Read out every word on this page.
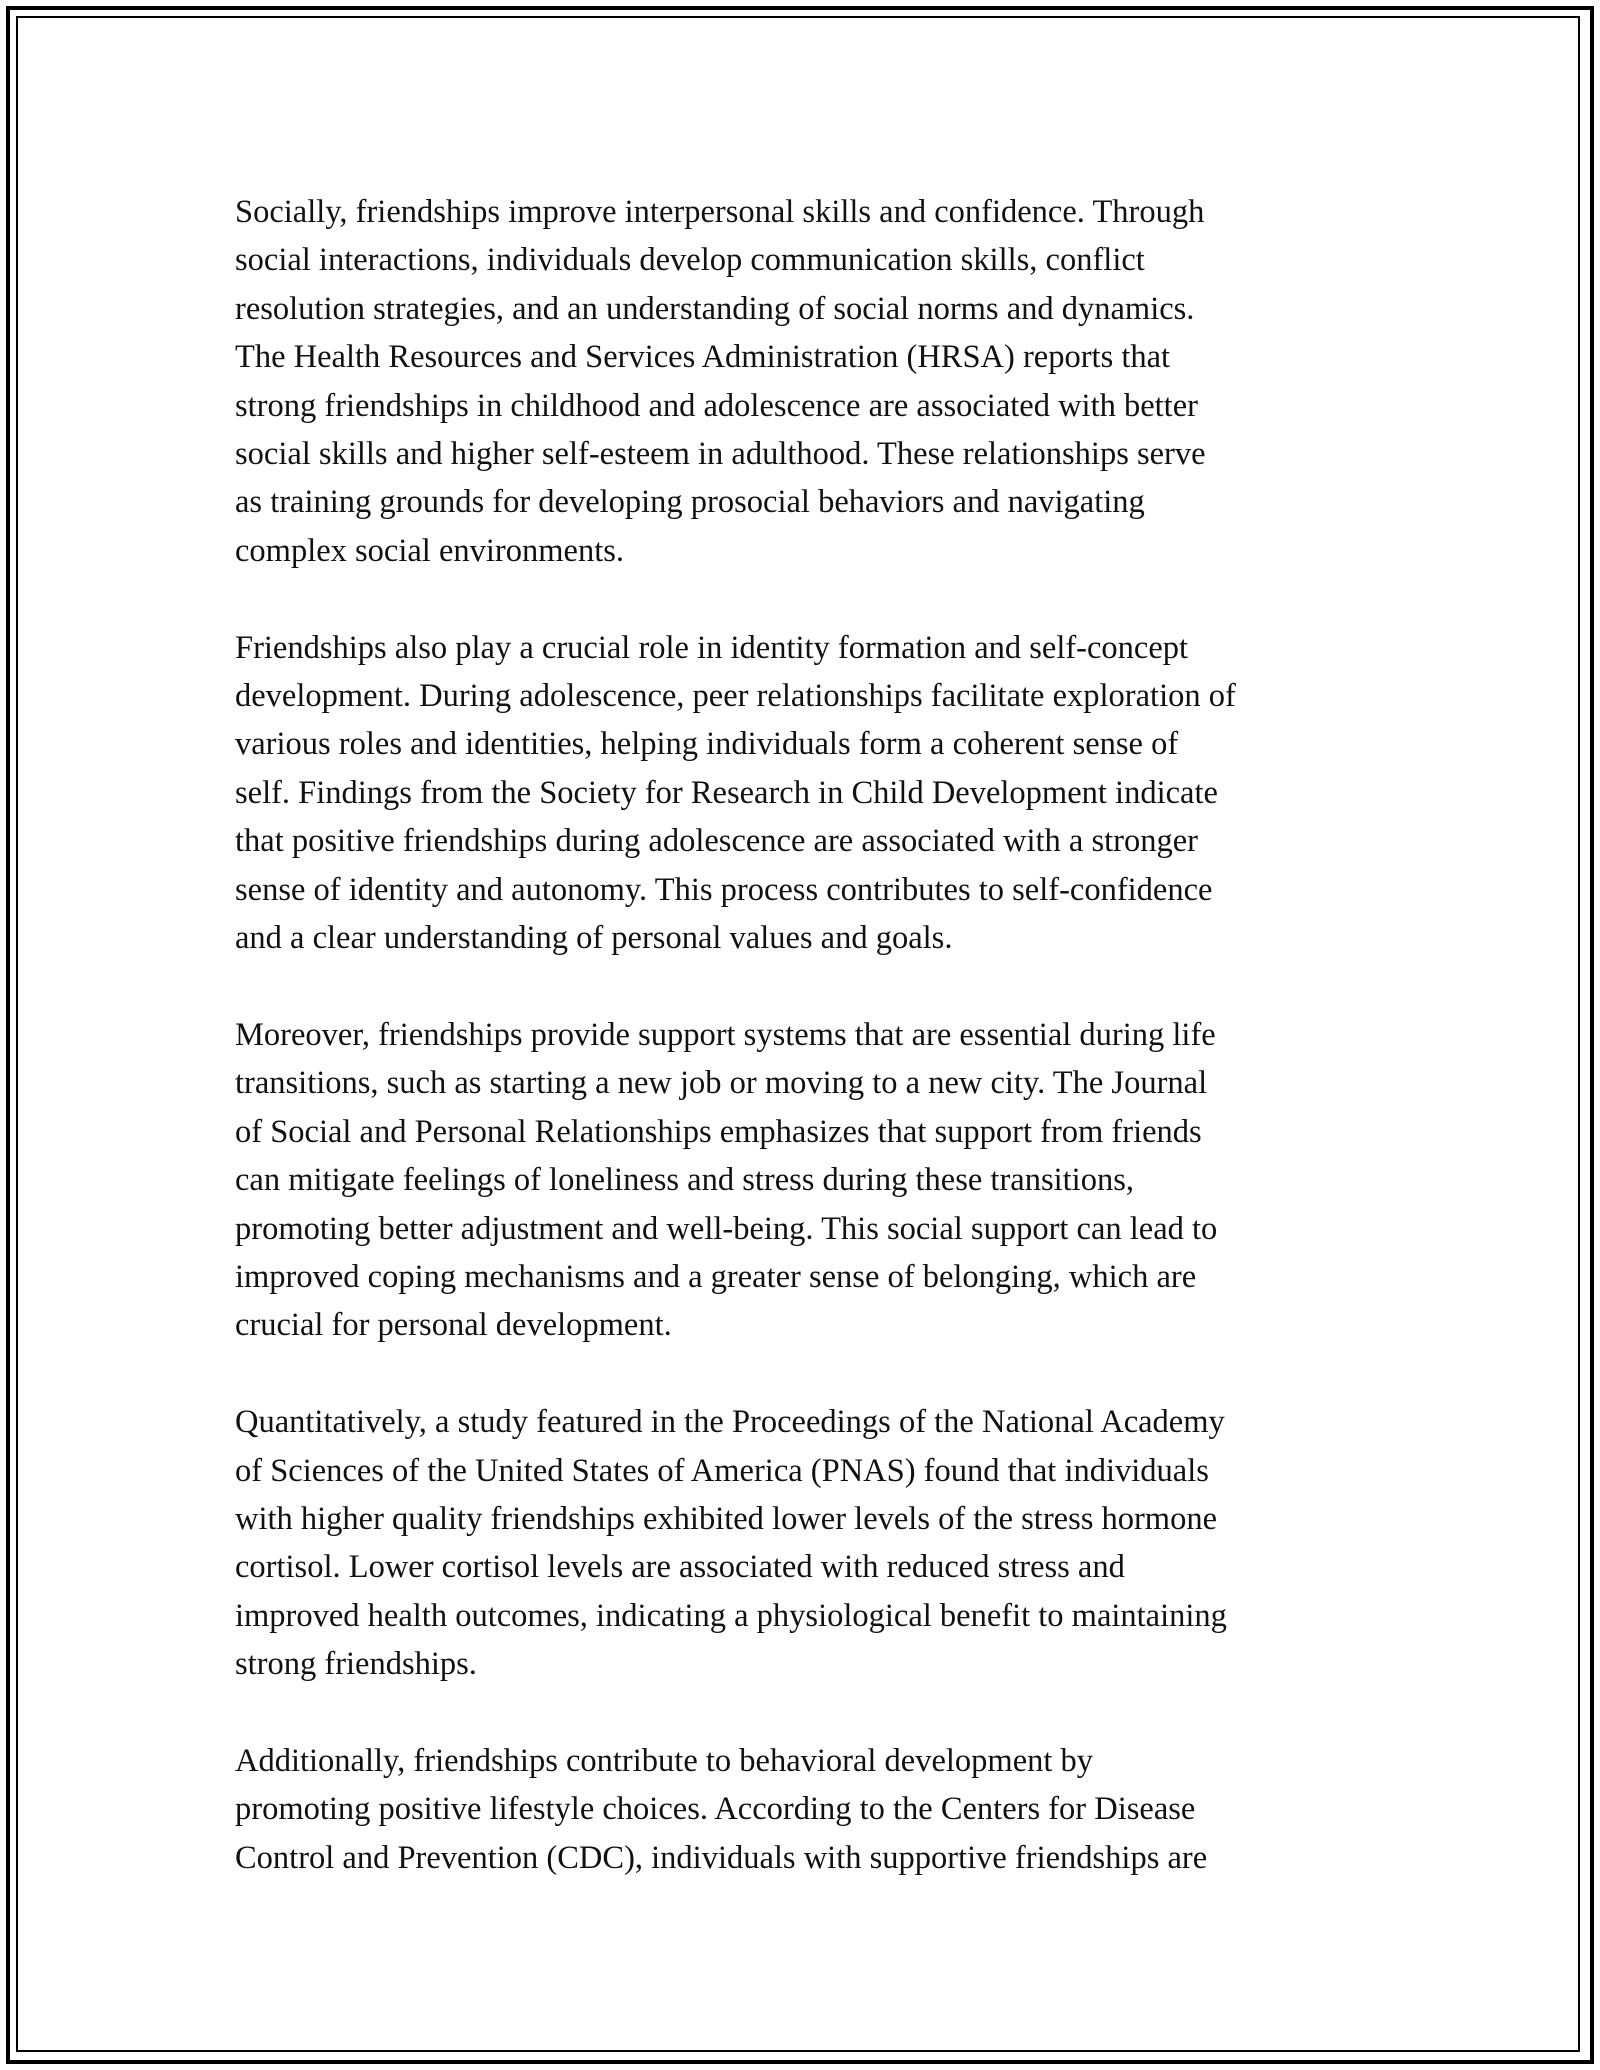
Socially, friendships improve interpersonal skills and confidence. Through
social interactions, individuals develop communication skills, conflict
resolution strategies, and an understanding of social norms and dynamics.
The Health Resources and Services Administration (HRSA) reports that
strong friendships in childhood and adolescence are associated with better
social skills and higher self-esteem in adulthood. These relationships serve
as training grounds for developing prosocial behaviors and navigating
complex social environments.
Friendships also play a crucial role in identity formation and self-concept
development. During adolescence, peer relationships facilitate exploration of
various roles and identities, helping individuals form a coherent sense of
self. Findings from the Society for Research in Child Development indicate
that positive friendships during adolescence are associated with a stronger
sense of identity and autonomy. This process contributes to self-confidence
and a clear understanding of personal values and goals.
Moreover, friendships provide support systems that are essential during life
transitions, such as starting a new job or moving to a new city. The Journal
of Social and Personal Relationships emphasizes that support from friends
can mitigate feelings of loneliness and stress during these transitions,
promoting better adjustment and well-being. This social support can lead to
improved coping mechanisms and a greater sense of belonging, which are
crucial for personal development.
Quantitatively, a study featured in the Proceedings of the National Academy
of Sciences of the United States of America (PNAS) found that individuals
with higher quality friendships exhibited lower levels of the stress hormone
cortisol. Lower cortisol levels are associated with reduced stress and
improved health outcomes, indicating a physiological benefit to maintaining
strong friendships.
Additionally, friendships contribute to behavioral development by
promoting positive lifestyle choices. According to the Centers for Disease
Control and Prevention (CDC), individuals with supportive friendships are
